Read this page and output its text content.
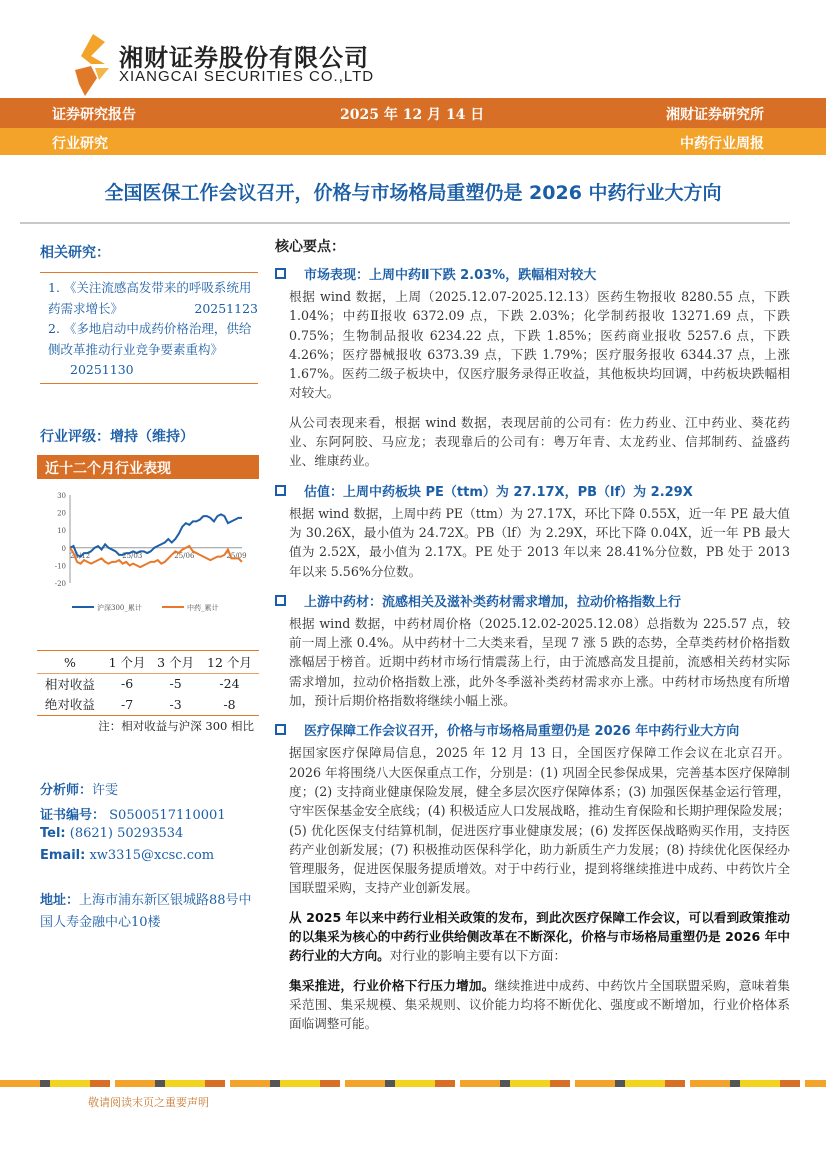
湘财证券股份有限公司
XIANGCAI SECURITIES CO.,LTD
证券研究报告	2025 年 12 月 14 日	湘财证券研究所
行业研究	中药行业周报
全国医保工作会议召开，价格与市场格局重塑仍是 2026 中药行业大方向
相关研究：
1. 《关注流感高发带来的呼吸系统用药需求增长》	20251123
2. 《多地启动中成药价格治理，供给侧改革推动行业竞争要素重构》 20251130
行业评级：增持（维持）
近十二个月行业表现
30
20
10
0
-10
-20
24/12	25/03	25/06	25/09
沪深300_累计	中药_累计
%	1 个月	3 个月	12 个月
相对收益	-6	-5	-24
绝对收益	-7	-3	-8
注：相对收益与沪深 300 相比
分析师：许雯
证书编号： S0500517110001
Tel: (8621) 50293534
Email: xw3315@xcsc.com
地址：上海市浦东新区银城路88号中国人寿金融中心10楼
核心要点：
市场表现：上周中药Ⅱ下跌 2.03%，跌幅相对较大
根据 wind 数据，上周（2025.12.07-2025.12.13）医药生物报收 8280.55 点，下跌 1.04%；中药Ⅱ报收 6372.09 点，下跌 2.03%；化学制药报收 13271.69 点，下跌 0.75%；生物制品报收 6234.22 点，下跌 1.85%；医药商业报收 5257.6 点，下跌 4.26%；医疗器械报收 6373.39 点，下跌 1.79%；医疗服务报收 6344.37 点，上涨 1.67%。医药二级子板块中，仅医疗服务录得正收益，其他板块均回调，中药板块跌幅相对较大。
从公司表现来看，根据 wind 数据，表现居前的公司有：佐力药业、江中药业、葵花药业、东阿阿胶、马应龙；表现靠后的公司有：粤万年青、太龙药业、信邦制药、益盛药业、维康药业。
估值：上周中药板块 PE（ttm）为 27.17X，PB（lf）为 2.29X
根据 wind 数据，上周中药 PE（ttm）为 27.17X，环比下降 0.55X，近一年 PE 最大值为 30.26X，最小值为 24.72X。PB（lf）为 2.29X，环比下降 0.04X，近一年 PB 最大值为 2.52X，最小值为 2.17X。PE 处于 2013 年以来 28.41%分位数，PB 处于 2013 年以来 5.56%分位数。
上游中药材：流感相关及滋补类药材需求增加，拉动价格指数上行
根据 wind 数据，中药材周价格（2025.12.02-2025.12.08）总指数为 225.57 点，较前一周上涨 0.4%。从中药材十二大类来看，呈现 7 涨 5 跌的态势，全草类药材价格指数涨幅居于榜首。近期中药材市场行情震荡上行，由于流感高发且提前，流感相关药材实际需求增加，拉动价格指数上涨，此外冬季滋补类药材需求亦上涨。中药材市场热度有所增加，预计后期价格指数将继续小幅上涨。
医疗保障工作会议召开，价格与市场格局重塑仍是 2026 年中药行业大方向
据国家医疗保障局信息，2025 年 12 月 13 日，全国医疗保障工作会议在北京召开。2026 年将围绕八大医保重点工作，分别是：(1) 巩固全民参保成果，完善基本医疗保障制度；(2) 支持商业健康保险发展，健全多层次医疗保障体系；(3) 加强医保基金运行管理，守牢医保基金安全底线；(4) 积极适应人口发展战略，推动生育保险和长期护理保险发展；(5) 优化医保支付结算机制，促进医疗事业健康发展；(6) 发挥医保战略购买作用，支持医药产业创新发展；(7) 积极推动医保科学化，助力新质生产力发展；(8) 持续优化医保经办管理服务，促进医保服务提质增效。对于中药行业，提到将继续推进中成药、中药饮片全国联盟采购，支持产业创新发展。
从 2025 年以来中药行业相关政策的发布，到此次医疗保障工作会议，可以看到政策推动的以集采为核心的中药行业供给侧改革在不断深化，价格与市场格局重塑仍是 2026 年中药行业的大方向。对行业的影响主要有以下方面：
集采推进，行业价格下行压力增加。继续推进中成药、中药饮片全国联盟采购，意味着集采范围、集采规模、集采规则、议价能力均将不断优化、强度或不断增加，行业价格体系面临调整可能。
敬请阅读末页之重要声明
